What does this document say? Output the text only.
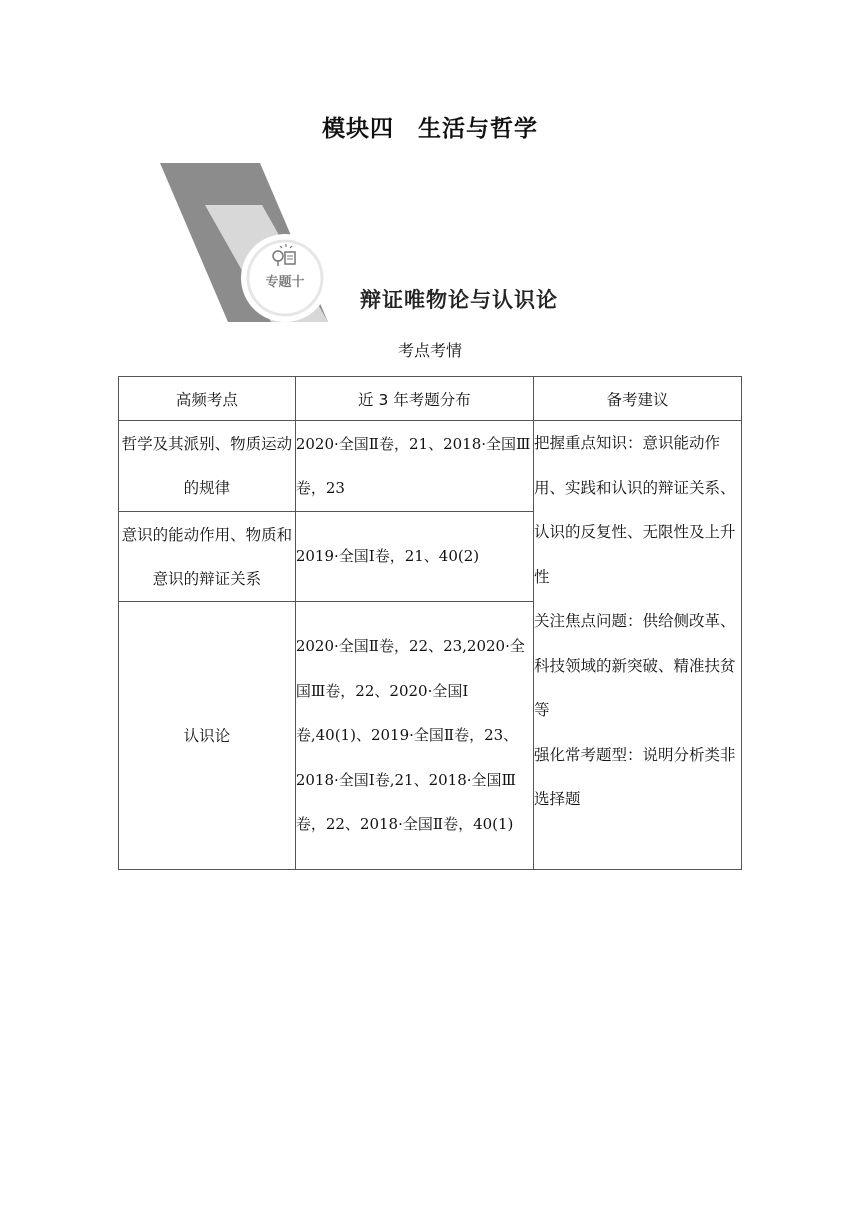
模块四　生活与哲学
专题十
辩证唯物论与认识论
考点考情
高频考点	近 3 年考题分布	备考建议
哲学及其派别、物质运动的规律	2020·全国Ⅱ卷，21、2018·全国Ⅲ卷，23	把握重点知识：意识能动作用、实践和认识的辩证关系、认识的反复性、无限性及上升性
关注焦点问题：供给侧改革、科技领域的新突破、精准扶贫等
强化常考题型：说明分析类非选择题

意识的能动作用、物质和意识的辩证关系	2019·全国Ⅰ卷，21、40(2)	
认识论	2020·全国Ⅱ卷，22、23,2020·全国Ⅲ卷，22、2020·全国Ⅰ卷,40(1)、2019·全国Ⅱ卷，23、2018·全国Ⅰ卷,21、2018·全国Ⅲ卷，22、2018·全国Ⅱ卷，40(1)	
